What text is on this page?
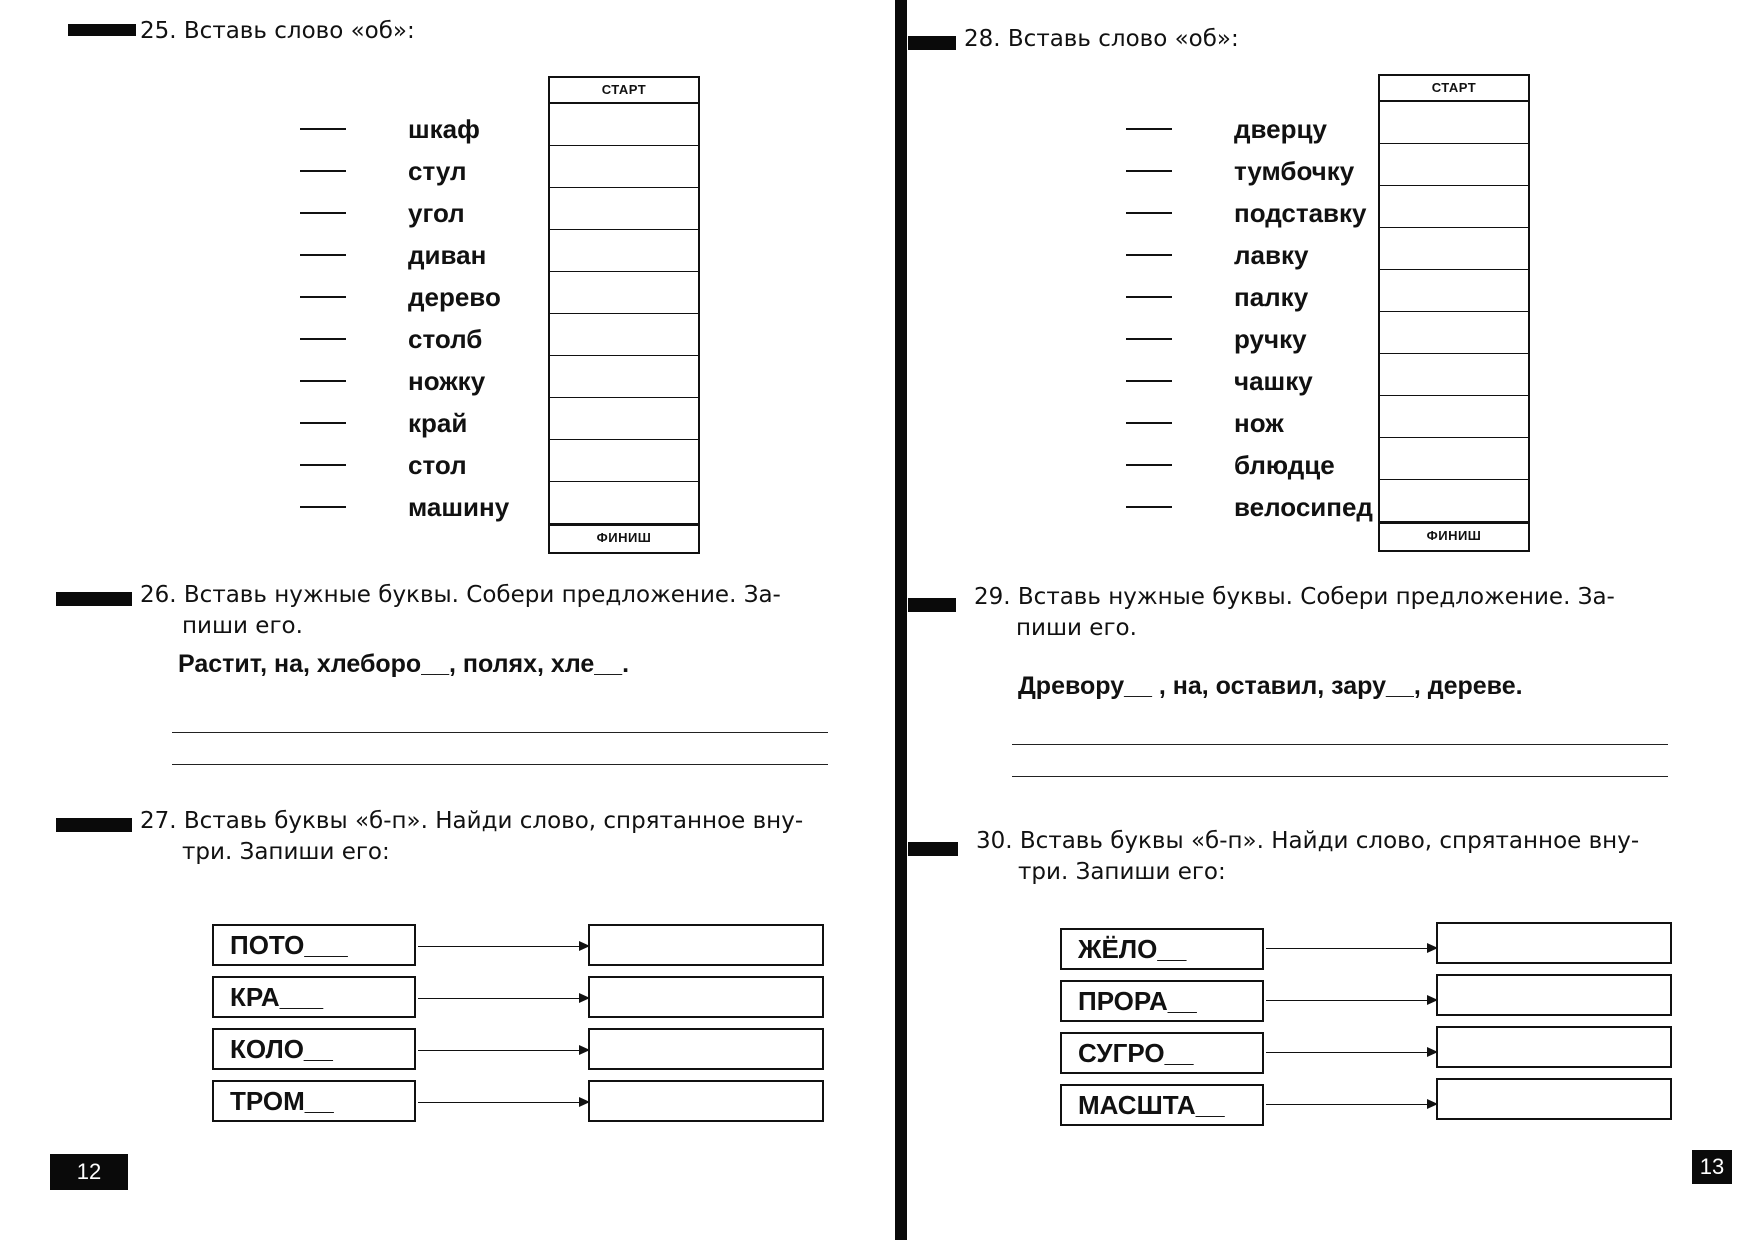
25. Вставь слово «об»:
шкаф
стул
угол
диван
дерево
столб
ножку
край
стол
машину
СТАРТ
ФИНИШ
26. Вставь нужные буквы. Собери предложение. За-
пиши его.
Растит, на, хлеборо__, полях, хле__.
27. Вставь буквы «б-п». Найди слово, спрятанное вну-
три. Запиши его:
ПОТО___
КРА___
КОЛО__
ТРОМ__
12
28. Вставь слово «об»:
дверцу
тумбочку
подставку
лавку
палку
ручку
чашку
нож
блюдце
велосипед
СТАРТ
ФИНИШ
29. Вставь нужные буквы. Собери предложение. За-
пиши его.
Древору__ , на, оставил, зару__, дереве.
30. Вставь буквы «б-п». Найди слово, спрятанное вну-
три. Запиши его:
ЖЁЛО__
ПРОРА__
СУГРО__
МАСШТА__
13
